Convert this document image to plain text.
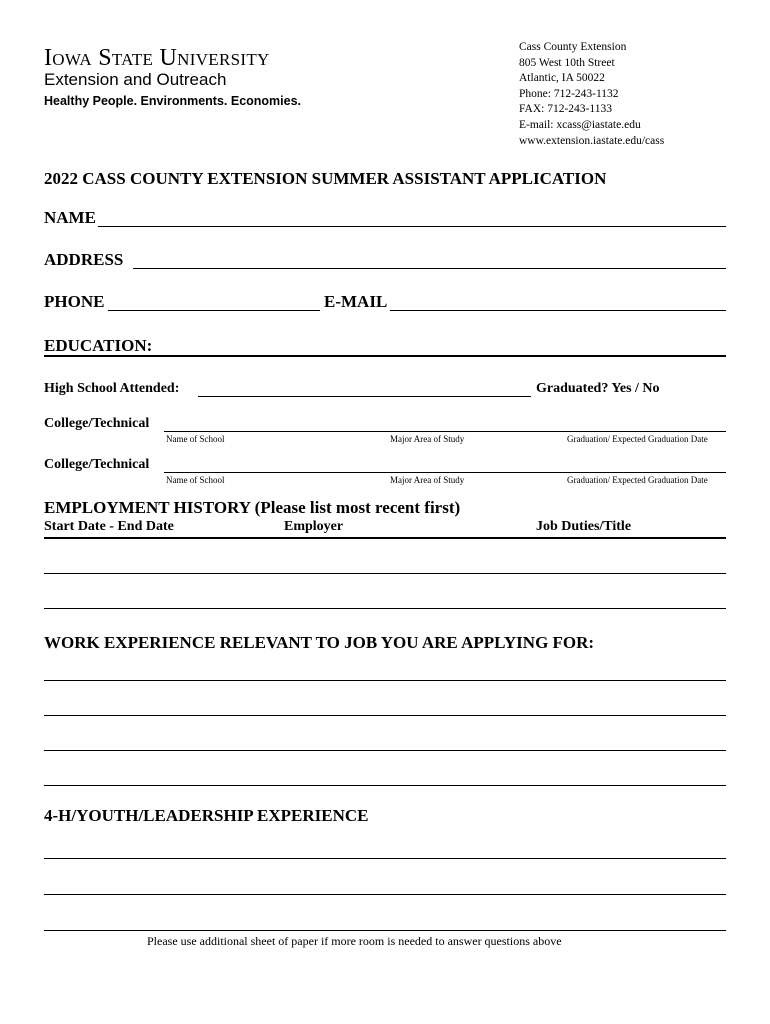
Iowa State University
Extension and Outreach
Healthy People. Environments. Economies.
Cass County Extension
805 West 10th Street
Atlantic, IA 50022
Phone: 712-243-1132
FAX: 712-243-1133
E-mail: xcass@iastate.edu
www.extension.iastate.edu/cass
2022 CASS COUNTY EXTENSION SUMMER ASSISTANT APPLICATION
NAME
ADDRESS
PHONE	E-MAIL
EDUCATION:
High School Attended:	Graduated? Yes / No
College/Technical
Name of School	Major Area of Study	Graduation/ Expected Graduation Date
College/Technical
Name of School	Major Area of Study	Graduation/ Expected Graduation Date
EMPLOYMENT HISTORY (Please list most recent first)
Start Date - End Date	Employer	Job Duties/Title
WORK EXPERIENCE RELEVANT TO JOB YOU ARE APPLYING FOR:
4-H/YOUTH/LEADERSHIP EXPERIENCE
Please use additional sheet of paper if more room is needed to answer questions above
